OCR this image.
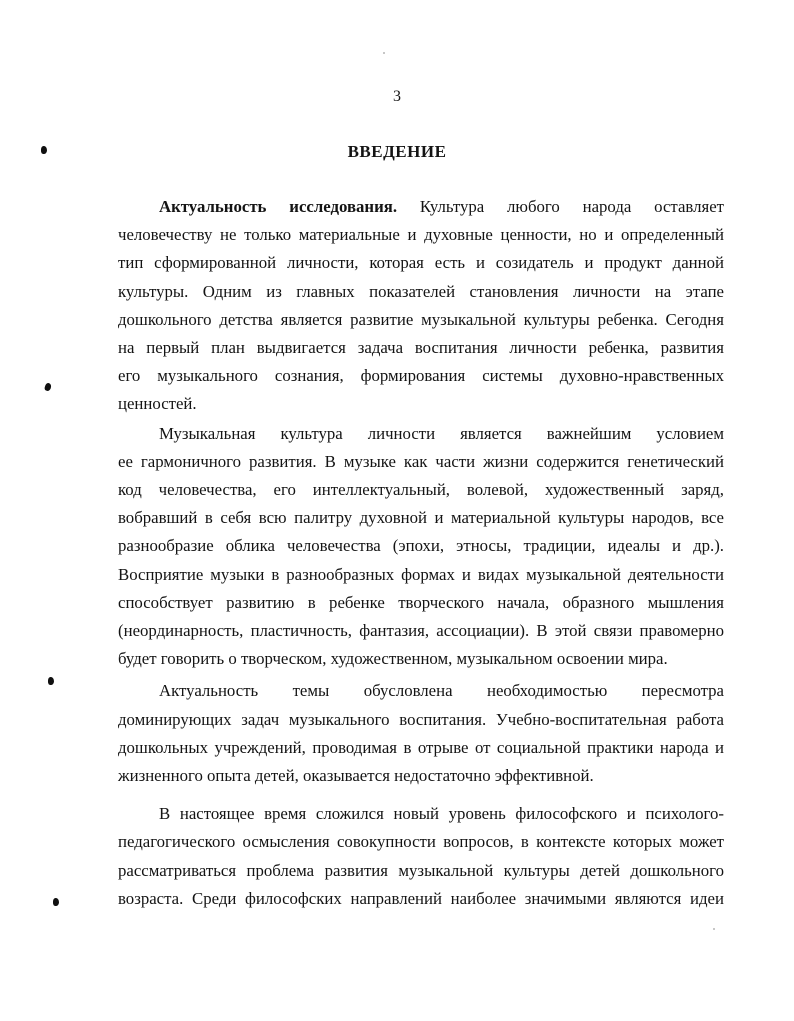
3
ВВЕДЕНИЕ
Актуальность исследования. Культура любого народа оставляет
человечеству не только материальные и духовные ценности, но и определенный
тип сформированной личности, которая есть и созидатель и продукт данной
культуры. Одним из главных показателей становления личности на этапе
дошкольного детства является развитие музыкальной культуры ребенка. Сегодня
на первый план выдвигается задача воспитания личности ребенка, развития
его музыкального сознания, формирования системы духовно-нравственных
ценностей.
Музыкальная культура личности является важнейшим условием
ее гармоничного развития. В музыке как части жизни содержится генетический
код человечества, его интеллектуальный, волевой, художественный заряд,
вобравший в себя всю палитру духовной и материальной культуры народов, все
разнообразие облика человечества (эпохи, этносы, традиции, идеалы и др.).
Восприятие музыки в разнообразных формах и видах музыкальной деятельности
способствует развитию в ребенке творческого начала, образного мышления
(неординарность, пластичность, фантазия, ассоциации). В этой связи правомерно
будет говорить о творческом, художественном, музыкальном освоении мира.
Актуальность темы обусловлена необходимостью пересмотра
доминирующих задач музыкального воспитания. Учебно-воспитательная работа
дошкольных учреждений, проводимая в отрыве от социальной практики народа и
жизненного опыта детей, оказывается недостаточно эффективной.
В настоящее время сложился новый уровень философского и психолого-
педагогического осмысления совокупности вопросов, в контексте которых может
рассматриваться проблема развития музыкальной культуры детей дошкольного
возраста. Среди философских направлений наиболее значимыми являются идеи
